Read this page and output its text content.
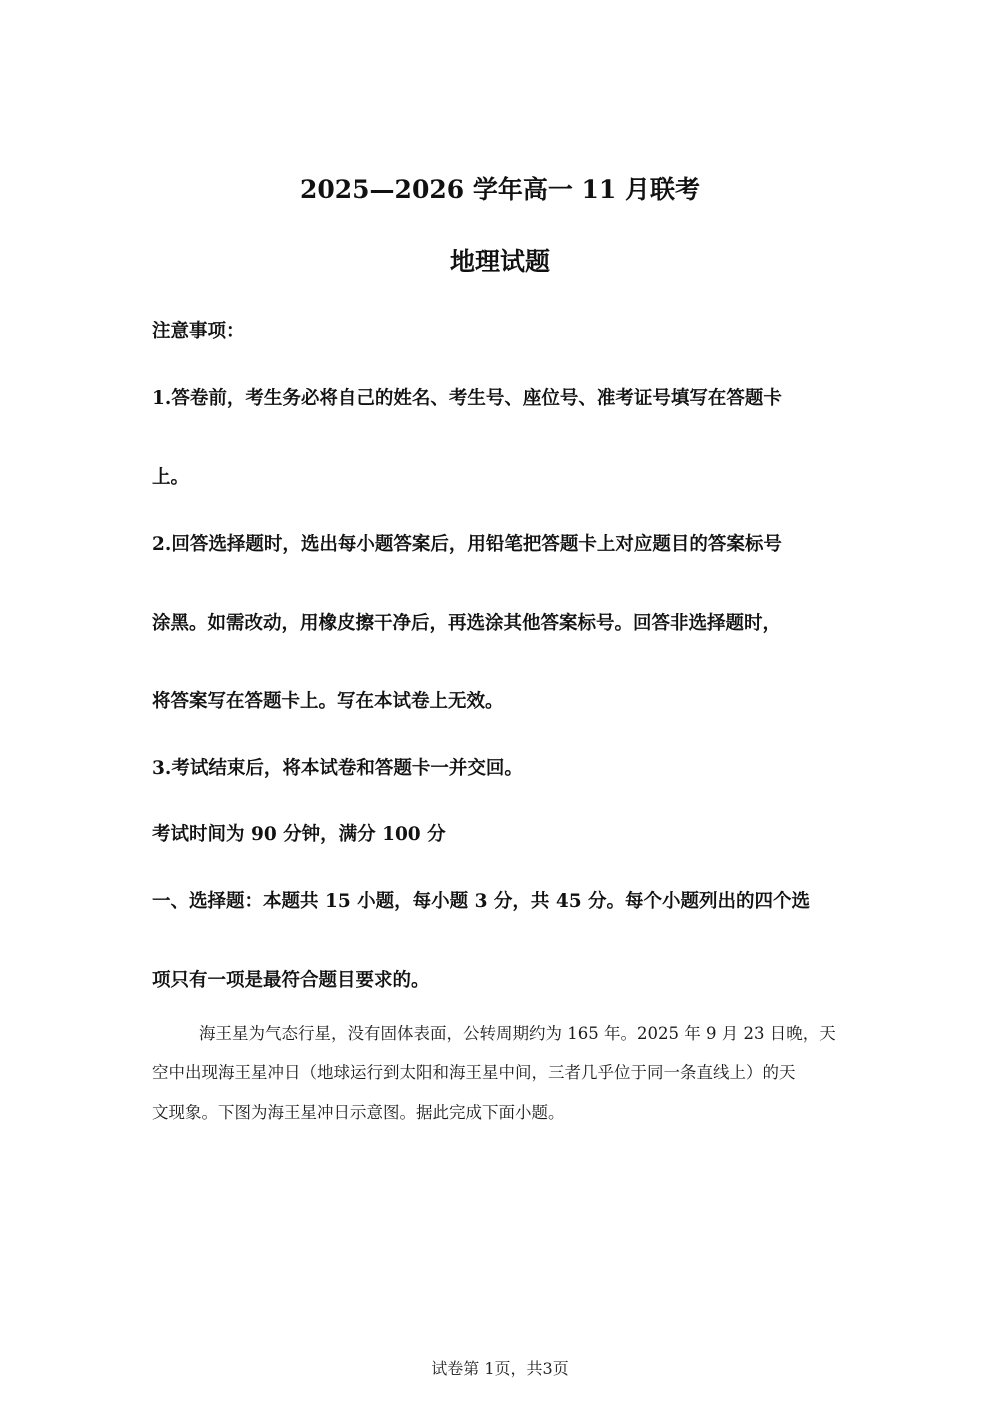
2025—2026 学年高一 11 月联考
地理试题
注意事项：
1.答卷前，考生务必将自己的姓名、考生号、座位号、准考证号填写在答题卡
上。
2.回答选择题时，选出每小题答案后，用铅笔把答题卡上对应题目的答案标号
涂黑。如需改动，用橡皮擦干净后，再选涂其他答案标号。回答非选择题时，
将答案写在答题卡上。写在本试卷上无效。
3.考试结束后，将本试卷和答题卡一并交回。
考试时间为 90 分钟，满分 100 分
一、选择题：本题共 15 小题，每小题 3 分，共 45 分。每个小题列出的四个选
项只有一项是最符合题目要求的。
海王星为气态行星，没有固体表面，公转周期约为 165 年。2025 年 9 月 23 日晚，天
空中出现海王星冲日（地球运行到太阳和海王星中间，三者几乎位于同一条直线上）的天
文现象。下图为海王星冲日示意图。据此完成下面小题。
试卷第 1页，共3页
